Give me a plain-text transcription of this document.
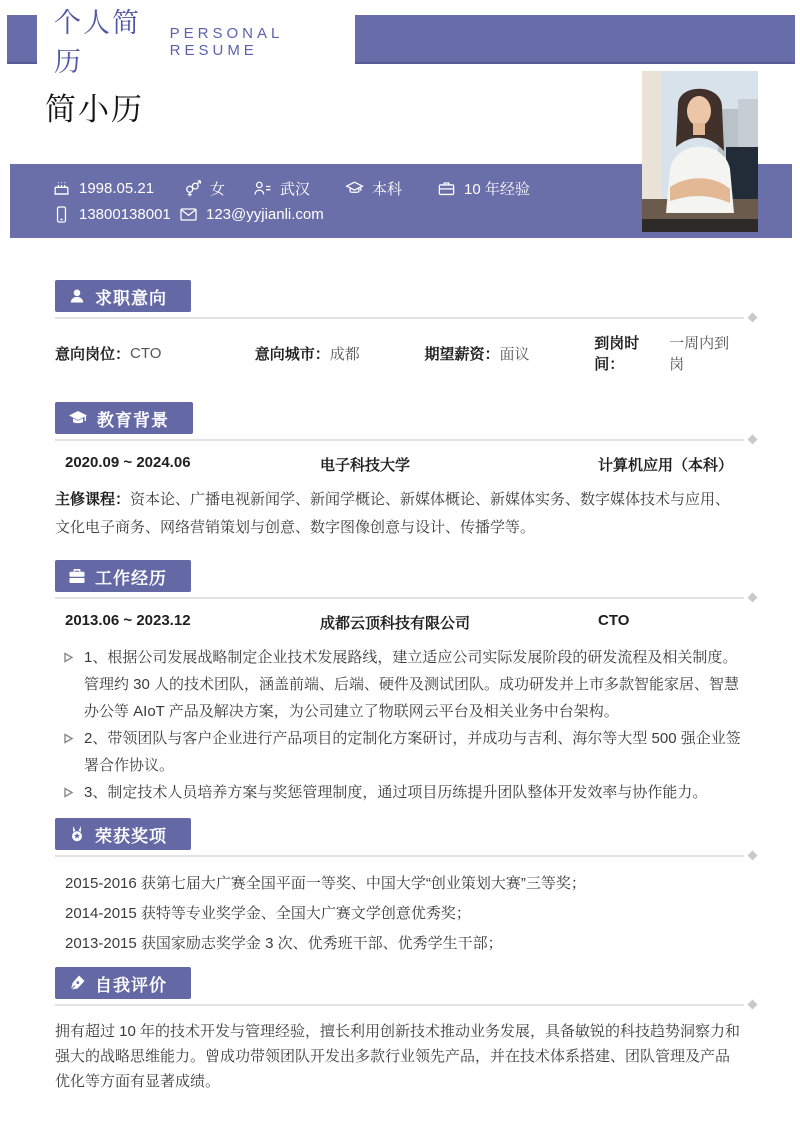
个人简历
PERSONAL RESUME
简小历
1998.05.21	女	武汉	本科	10 年经验
13800138001 123@yyjianli.com
求职意向
意向岗位： CTO	意向城市： 成都	期望薪资： 面议
到岗时间：
一周内到岗
教育背景
2020.09 ~ 2024.06	电子科技大学	计算机应用（本科）

主修课程：资本论、广播电视新闻学、新闻学概论、新媒体概论、新媒体实务、数字媒体技术与应用、文化电子商务、网络营销策划与创意、数字图像创意与设计、传播学等。

工作经历
2013.06 ~ 2023.12	成都云顶科技有限公司	CTO
1、根据公司发展战略制定企业技术发展路线，建立适应公司实际发展阶段的研发流程及相关制度。管理约 30 人的技术团队，涵盖前端、后端、硬件及测试团队。成功研发并上市多款智能家居、智慧办公等 AIoT 产品及解决方案，为公司建立了物联网云平台及相关业务中台架构。
2、带领团队与客户企业进行产品项目的定制化方案研讨，并成功与吉利、海尔等大型 500 强企业签署合作协议。
3、制定技术人员培养方案与奖惩管理制度，通过项目历练提升团队整体开发效率与协作能力。
荣获奖项
2015-2016 获第七届大广赛全国平面一等奖、中国大学“创业策划大赛”三等奖；
2014-2015 获特等专业奖学金、全国大广赛文学创意优秀奖；
2013-2015 获国家励志奖学金 3 次、优秀班干部、优秀学生干部；
自我评价

拥有超过 10 年的技术开发与管理经验，擅长利用创新技术推动业务发展，具备敏锐的科技趋势洞察力和强大的战略思维能力。曾成功带领团队开发出多款行业领先产品，并在技术体系搭建、团队管理及产品优化等方面有显著成绩。
